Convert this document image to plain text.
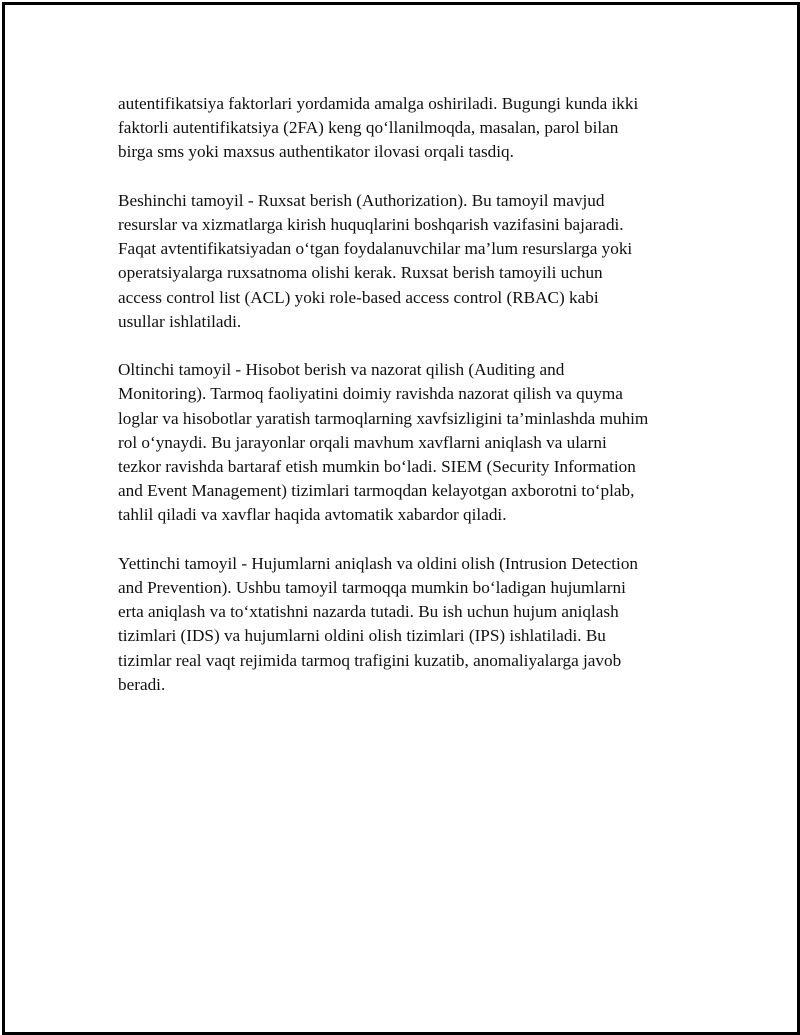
autentifikatsiya faktorlari yordamida amalga oshiriladi. Bugungi kunda ikki
faktorli autentifikatsiya (2FA) keng qo‘llanilmoqda, masalan, parol bilan
birga sms yoki maxsus authentikator ilovasi orqali tasdiq.

Beshinchi tamoyil - Ruxsat berish (Authorization). Bu tamoyil mavjud
resurslar va xizmatlarga kirish huquqlarini boshqarish vazifasini bajaradi.
Faqat avtentifikatsiyadan o‘tgan foydalanuvchilar ma’lum resurslarga yoki
operatsiyalarga ruxsatnoma olishi kerak. Ruxsat berish tamoyili uchun
access control list (ACL) yoki role-based access control (RBAC) kabi
usullar ishlatiladi.

Oltinchi tamoyil - Hisobot berish va nazorat qilish (Auditing and
Monitoring). Tarmoq faoliyatini doimiy ravishda nazorat qilish va quyma
loglar va hisobotlar yaratish tarmoqlarning xavfsizligini ta’minlashda muhim
rol o‘ynaydi. Bu jarayonlar orqali mavhum xavflarni aniqlash va ularni
tezkor ravishda bartaraf etish mumkin bo‘ladi. SIEM (Security Information
and Event Management) tizimlari tarmoqdan kelayotgan axborotni to‘plab,
tahlil qiladi va xavflar haqida avtomatik xabardor qiladi.

Yettinchi tamoyil - Hujumlarni aniqlash va oldini olish (Intrusion Detection
and Prevention). Ushbu tamoyil tarmoqqa mumkin bo‘ladigan hujumlarni
erta aniqlash va to‘xtatishni nazarda tutadi. Bu ish uchun hujum aniqlash
tizimlari (IDS) va hujumlarni oldini olish tizimlari (IPS) ishlatiladi. Bu
tizimlar real vaqt rejimida tarmoq trafigini kuzatib, anomaliyalarga javob
beradi.
